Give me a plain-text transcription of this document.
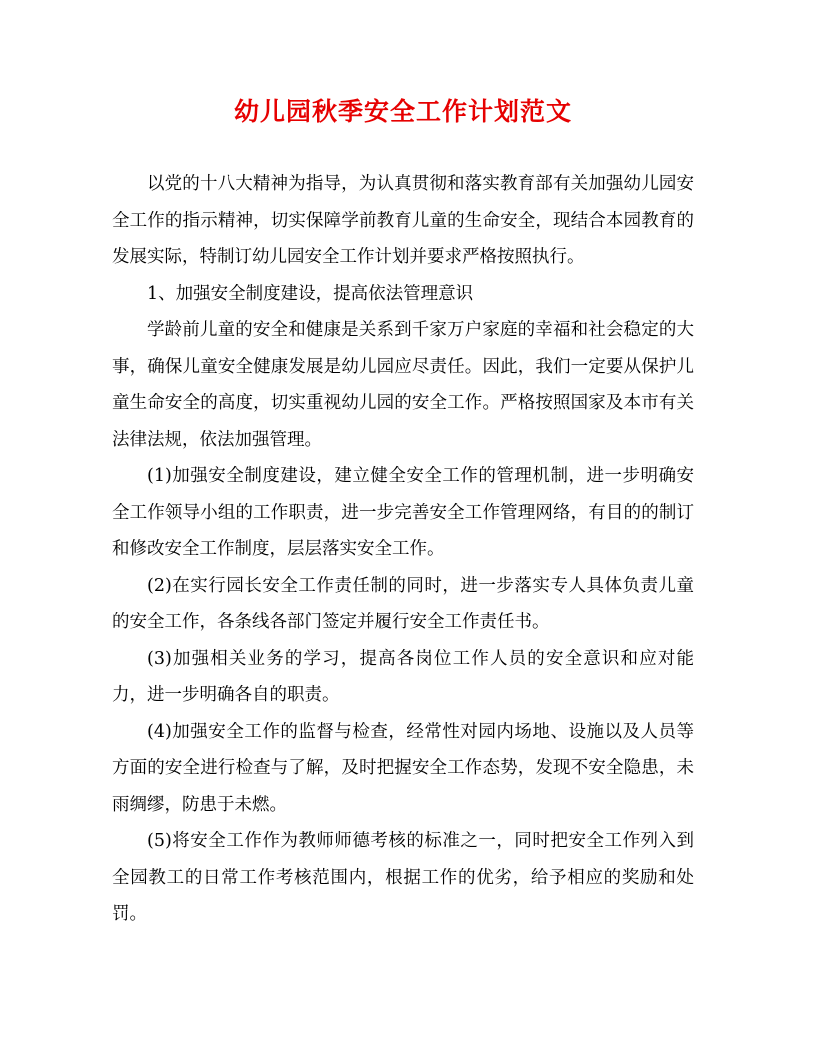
幼儿园秋季安全工作计划范文

以党的十八大精神为指导，为认真贯彻和落实教育部有关加强幼儿园安全工作的指示精神，切实保障学前教育儿童的生命安全，现结合本园教育的发展实际，特制订幼儿园安全工作计划并要求严格按照执行。

1、加强安全制度建设，提高依法管理意识

学龄前儿童的安全和健康是关系到千家万户家庭的幸福和社会稳定的大事，确保儿童安全健康发展是幼儿园应尽责任。因此，我们一定要从保护儿童生命安全的高度，切实重视幼儿园的安全工作。严格按照国家及本市有关法律法规，依法加强管理。

(1)加强安全制度建设，建立健全安全工作的管理机制，进一步明确安全工作领导小组的工作职责，进一步完善安全工作管理网络，有目的的制订和修改安全工作制度，层层落实安全工作。

(2)在实行园长安全工作责任制的同时，进一步落实专人具体负责儿童的安全工作，各条线各部门签定并履行安全工作责任书。

(3)加强相关业务的学习，提高各岗位工作人员的安全意识和应对能力，进一步明确各自的职责。

(4)加强安全工作的监督与检查，经常性对园内场地、设施以及人员等方面的安全进行检查与了解，及时把握安全工作态势，发现不安全隐患，未雨绸缪，防患于未燃。

(5)将安全工作作为教师师德考核的标准之一，同时把安全工作列入到全园教工的日常工作考核范围内，根据工作的优劣，给予相应的奖励和处罚。
